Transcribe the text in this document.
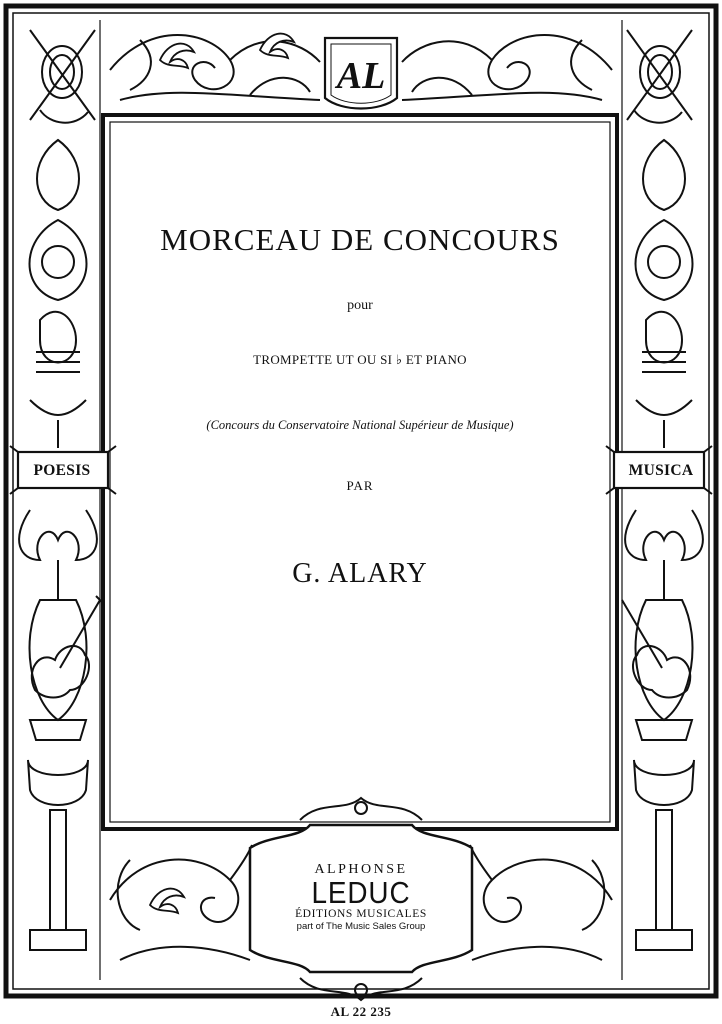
AL
MORCEAU DE CONCOURS
pour
TROMPETTE UT OU SI ♭ ET PIANO
(Concours du Conservatoire National Supérieur de Musique)
PAR
G. ALARY
POESIS	MUSICA
ALPHONSE
LEDUC
ÉDITIONS MUSICALES
part of The Music Sales Group
AL 22 235
